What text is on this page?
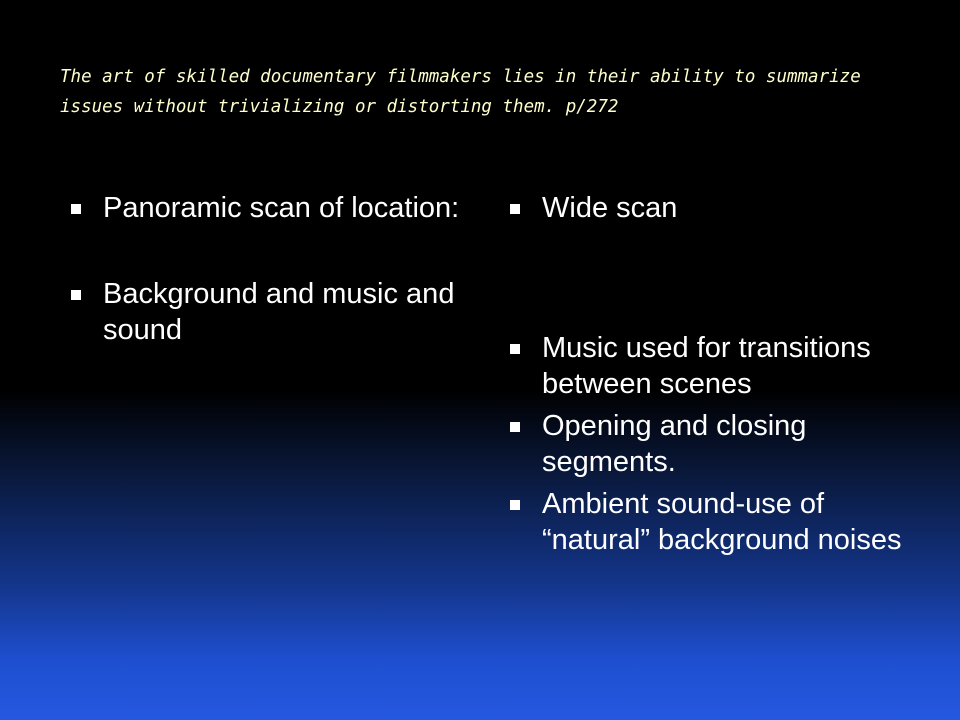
The art of skilled documentary filmmakers lies in their ability to summarize issues without trivializing or distorting them. p/272
Panoramic scan of location:
Background and music and sound
Wide scan
Music used for transitions between scenes
Opening and closing segments.
Ambient sound-use of “natural” background noises
